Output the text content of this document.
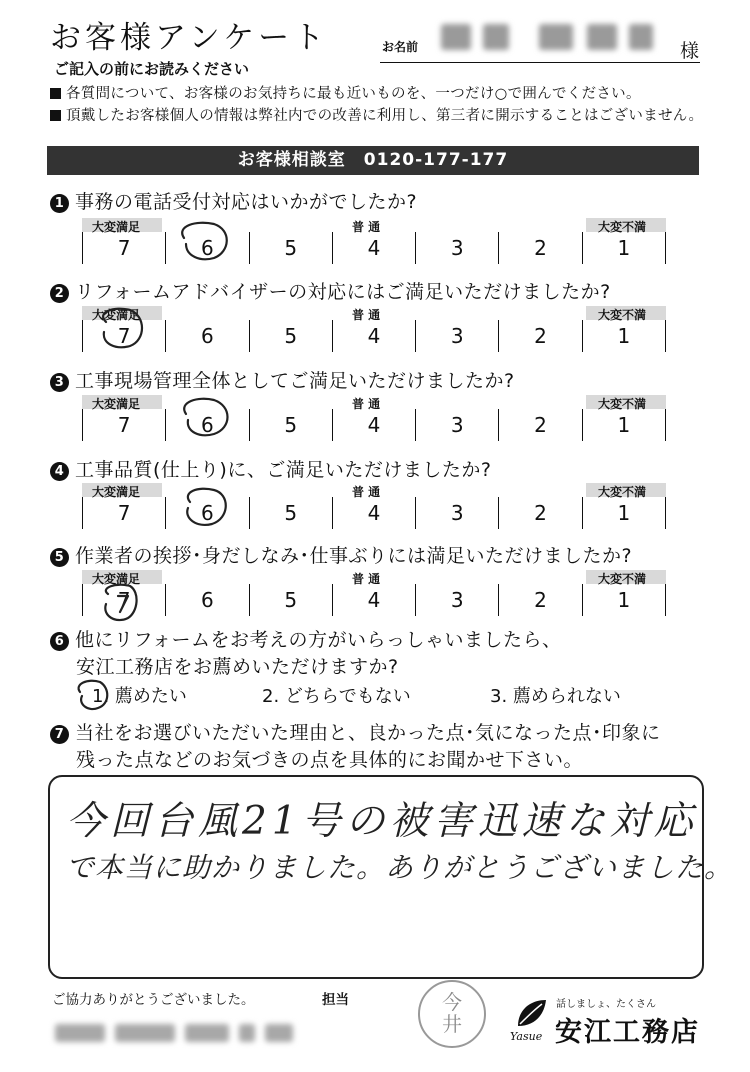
お客様アンケート	お名前	様
ご記入の前にお読みください
各質問について、お客様のお気持ちに最も近いものを、一つだけ○で囲んでください。
頂戴したお客様個人の情報は弊社内での改善に利用し、第三者に開示することはございません。
お客様相談室　0120-177-177
1 事務の電話受付対応はいかがでしたか?
大変満足	普 通	大変不満
7	6	5	4	3	2	1
2 リフォームアドバイザーの対応にはご満足いただけましたか?
大変満足	普 通	大変不満
7	6	5	4	3	2	1
3 工事現場管理全体としてご満足いただけましたか?
大変満足	普 通	大変不満
7	6	5	4	3	2	1
4 工事品質(仕上り)に、ご満足いただけましたか?
大変満足	普 通	大変不満
7	6	5	4	3	2	1
5 作業者の挨拶･身だしなみ･仕事ぶりには満足いただけましたか?
大変満足	普 通	大変不満
7	6	5	4	3	2	1
6 他にリフォームをお考えの方がいらっしゃいましたら、
安江工務店をお薦めいただけますか?
1. 薦めたい	2. どちらでもない	3. 薦められない
7 当社をお選びいただいた理由と、良かった点･気になった点･印象に
残った点などのお気づきの点を具体的にお聞かせ下さい。
今回台風21号の被害迅速な対応
で本当に助かりました。ありがとうございました。
ご協力ありがとうございました。	担当	今
井
話しましょ、たくさん
Yasue 安江工務店
